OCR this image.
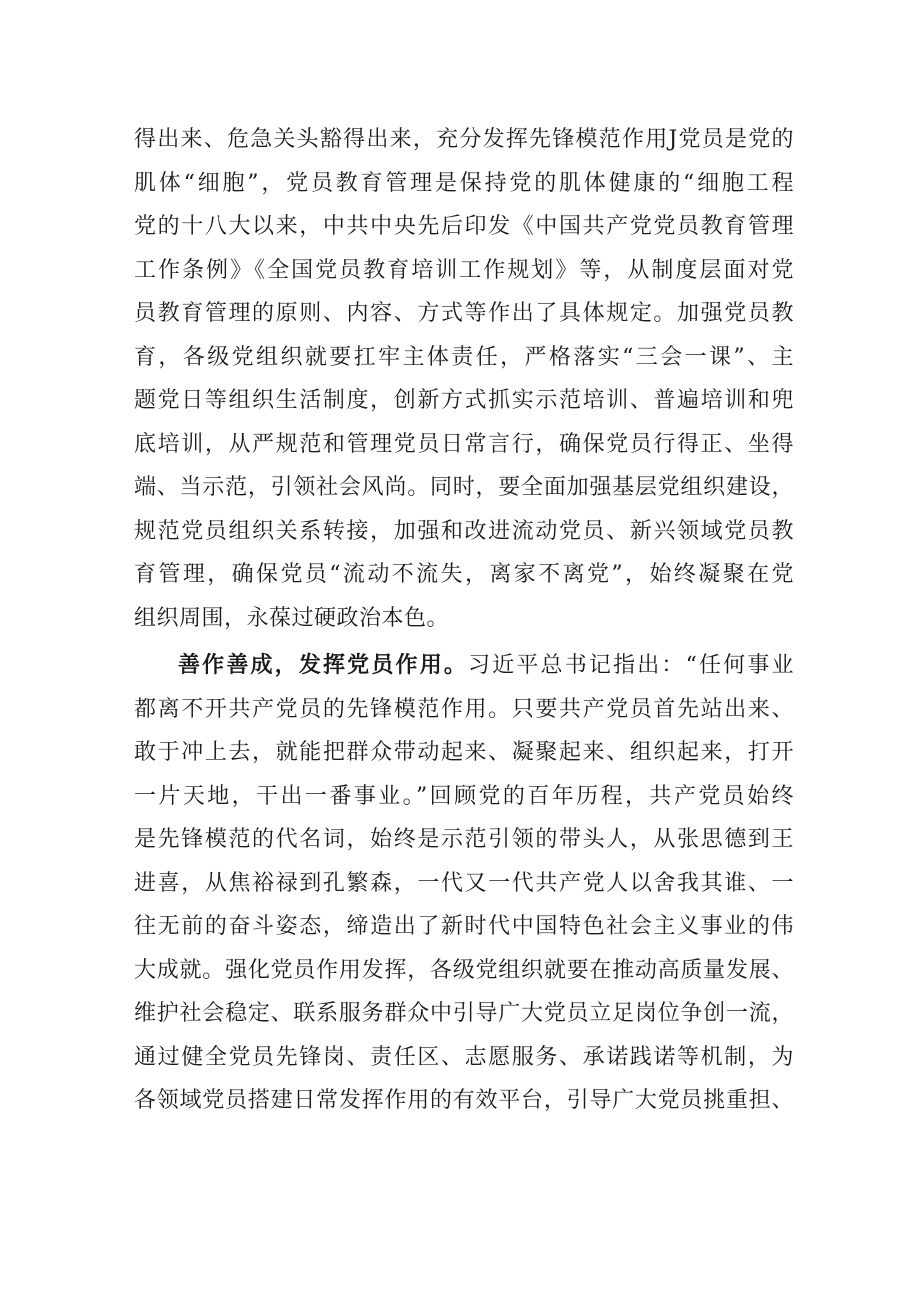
得出来、危急关头豁得出来，充分发挥先锋模范作用J党员是党的
肌体“细胞”，党员教育管理是保持党的肌体健康的“细胞工程
党的十八大以来，中共中央先后印发《中国共产党党员教育管理
工作条例》《全国党员教育培训工作规划》等，从制度层面对党
员教育管理的原则、内容、方式等作出了具体规定。加强党员教
育，各级党组织就要扛牢主体责任，严格落实“三会一课”、主
题党日等组织生活制度，创新方式抓实示范培训、普遍培训和兜
底培训，从严规范和管理党员日常言行，确保党员行得正、坐得
端、当示范，引领社会风尚。同时，要全面加强基层党组织建设，
规范党员组织关系转接，加强和改进流动党员、新兴领域党员教
育管理，确保党员“流动不流失，离家不离党”，始终凝聚在党
组织周围，永葆过硬政治本色。
善作善成，发挥党员作用。习近平总书记指出：“任何事业
都离不开共产党员的先锋模范作用。只要共产党员首先站出来、
敢于冲上去，就能把群众带动起来、凝聚起来、组织起来，打开
一片天地，干出一番事业。”回顾党的百年历程，共产党员始终
是先锋模范的代名词，始终是示范引领的带头人，从张思德到王
进喜，从焦裕禄到孔繁森，一代又一代共产党人以舍我其谁、一
往无前的奋斗姿态，缔造出了新时代中国特色社会主义事业的伟
大成就。强化党员作用发挥，各级党组织就要在推动高质量发展、
维护社会稳定、联系服务群众中引导广大党员立足岗位争创一流，
通过健全党员先锋岗、责任区、志愿服务、承诺践诺等机制，为
各领域党员搭建日常发挥作用的有效平台，引导广大党员挑重担、
